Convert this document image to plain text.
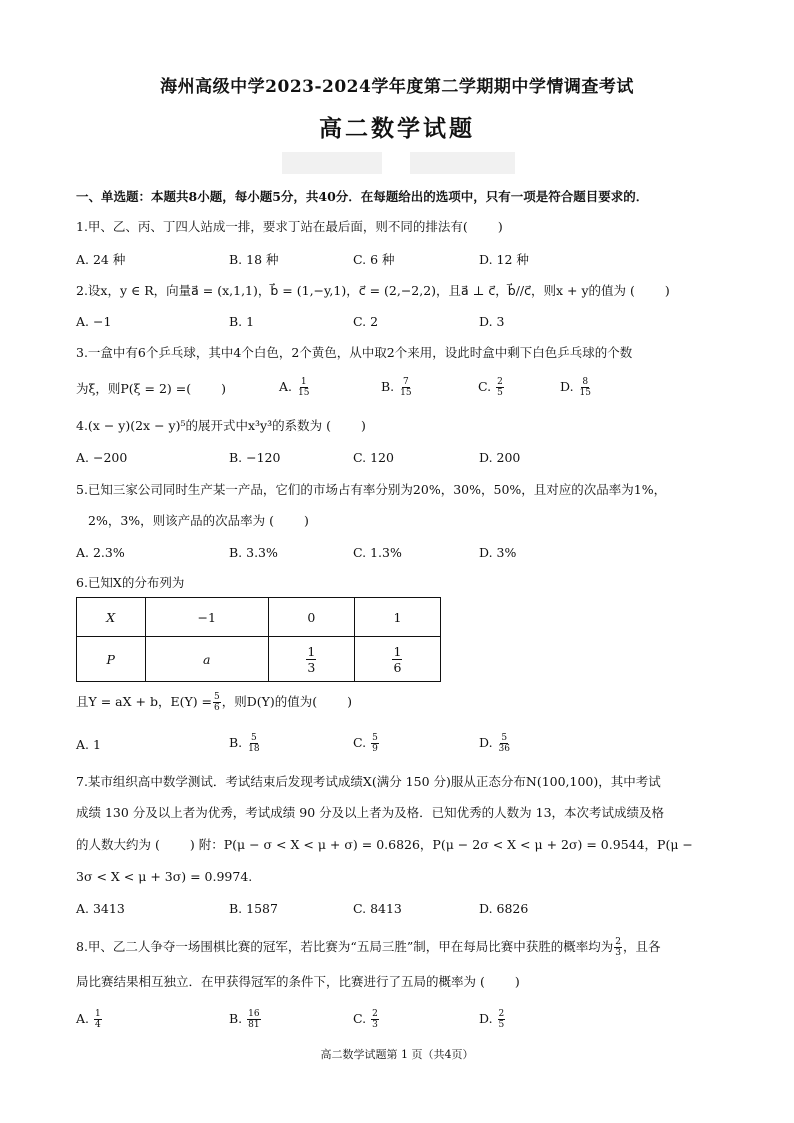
海州高级中学2023-2024学年度第二学期期中学情调查考试
高二数学试题
一、单选题：本题共8小题，每小题5分，共40分．在每题给出的选项中，只有一项是符合题目要求的．
1.甲、乙、丙、丁四人站成一排，要求丁站在最后面，则不同的排法有( )
A. 24 种	B. 18 种	C. 6 种	D. 12 种
2.设x，y ∈ R，向量a⃗ = (x,1,1)，b⃗ = (1,−y,1)，c⃗ = (2,−2,2)，且a⃗ ⊥ c⃗，b⃗//c⃗，则x + y的值为 ( )
A. −1	B. 1	C. 2	D. 3
3.一盒中有6个乒乓球，其中4个白色，2个黄色，从中取2个来用，设此时盒中剩下白色乒乓球的个数
为ξ，则P(ξ = 2) =( )	A. $\frac{1}{15}$	B. $\frac{7}{15}$	C. $\frac{2}{5}$	D. $\frac{8}{15}$
4.(x − y)(2x − y)⁵的展开式中x³y³的系数为 ( )
A. −200	B. −120	C. 120	D. 200
5.已知三家公司同时生产某一产品，它们的市场占有率分别为20%，30%，50%，且对应的次品率为1%，
2%，3%，则该产品的次品率为 ( )
A. 2.3%	B. 3.3%	C. 1.3%	D. 3%
6.已知X的分布列为
X	−1	0	1
P	a	$\frac{1}{3}$	$\frac{1}{6}$
且Y = aX + b，$E(Y) = \frac{5}{6}$ ，则D(Y)的值为( )
A. 1	B. $\frac{5}{18}$	C. $\frac{5}{9}$	D. $\frac{5}{36}$
7.某市组织高中数学测试．考试结束后发现考试成绩X(满分 150 分)服从正态分布N(100,100)，其中考试
成绩 130 分及以上者为优秀，考试成绩 90 分及以上者为及格．已知优秀的人数为 13，本次考试成绩及格
的人数大约为 ( ) 附：P(μ − σ < X < μ + σ) = 0.6826，P(μ − 2σ < X < μ + 2σ) = 0.9544，P(μ −
3σ < X < μ + 3σ) = 0.9974.
A. 3413	B. 1587	C. 8413	D. 6826
8.甲、乙二人争夺一场围棋比赛的冠军，若比赛为“五局三胜”制，甲在每局比赛中获胜的概率均为 $\frac{2}{3}$ ，且各
局比赛结果相互独立．在甲获得冠军的条件下，比赛进行了五局的概率为 ( )
A. $\frac{1}{4}$	B. $\frac{16}{81}$	C. $\frac{2}{3}$	D. $\frac{2}{5}$
高二数学试题第 1 页（共4页）
